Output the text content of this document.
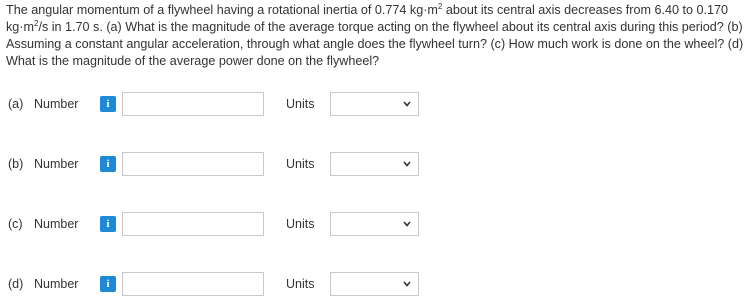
The angular momentum of a flywheel having a rotational inertia of 0.774 $kg\cdot m^2$ about its central axis decreases from 6.40 to 0.170 $kg\cdot m^2/s$ in 1.70 s. (a) What is the magnitude of the average torque acting on the flywheel about its central axis during this period? (b) Assuming a constant angular acceleration, through what angle does the flywheel turn? (c) How much work is done on the wheel? (d) What is the magnitude of the average power done on the flywheel?
(a) Number	i	Units
(b) Number	i	Units
(c) Number	i	Units
(d) Number	i	Units
